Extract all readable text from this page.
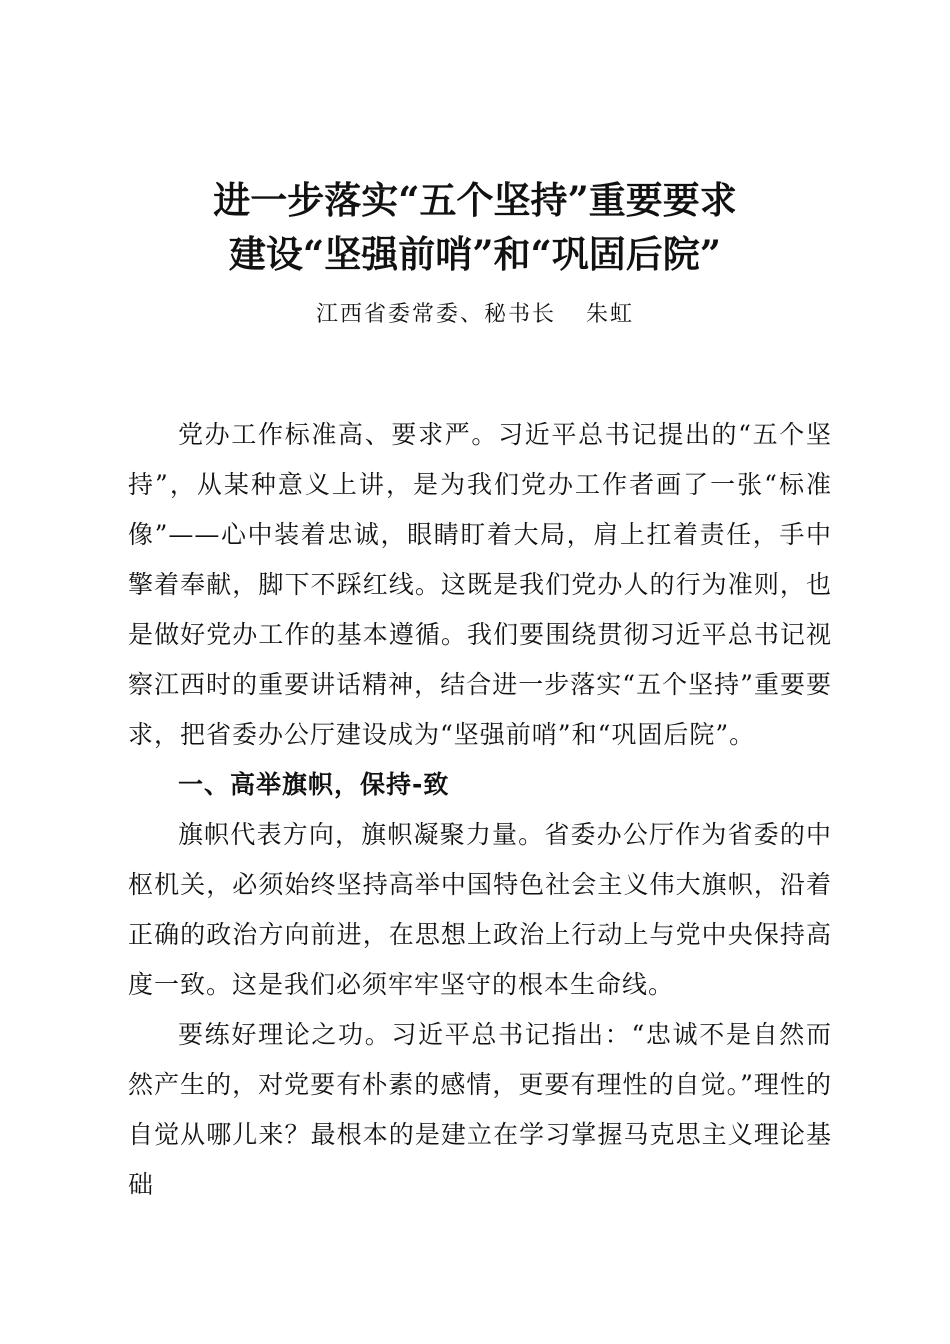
进一步落实“五个坚持”重要要求
建设“坚强前哨”和“巩固后院”
江西省委常委、秘书长 朱虹

党办工作标准高、要求严。习近平总书记提出的“五个坚持”，从某种意义上讲，是为我们党办工作者画了一张“标准像”——心中装着忠诚，眼睛盯着大局，肩上扛着责任，手中擎着奉献，脚下不踩红线。这既是我们党办人的行为准则，也是做好党办工作的基本遵循。我们要围绕贯彻习近平总书记视察江西时的重要讲话精神，结合进一步落实“五个坚持”重要要求，把省委办公厅建设成为“坚强前哨”和“巩固后院”。

一、高举旗帜，保持-致

旗帜代表方向，旗帜凝聚力量。省委办公厅作为省委的中枢机关，必须始终坚持高举中国特色社会主义伟大旗帜，沿着正确的政治方向前进，在思想上政治上行动上与党中央保持高度一致。这是我们必须牢牢坚守的根本生命线。

要练好理论之功。习近平总书记指出：“忠诚不是自然而然产生的，对党要有朴素的感情，更要有理性的自觉。”理性的自觉从哪儿来？最根本的是建立在学习掌握马克思主义理论基础
